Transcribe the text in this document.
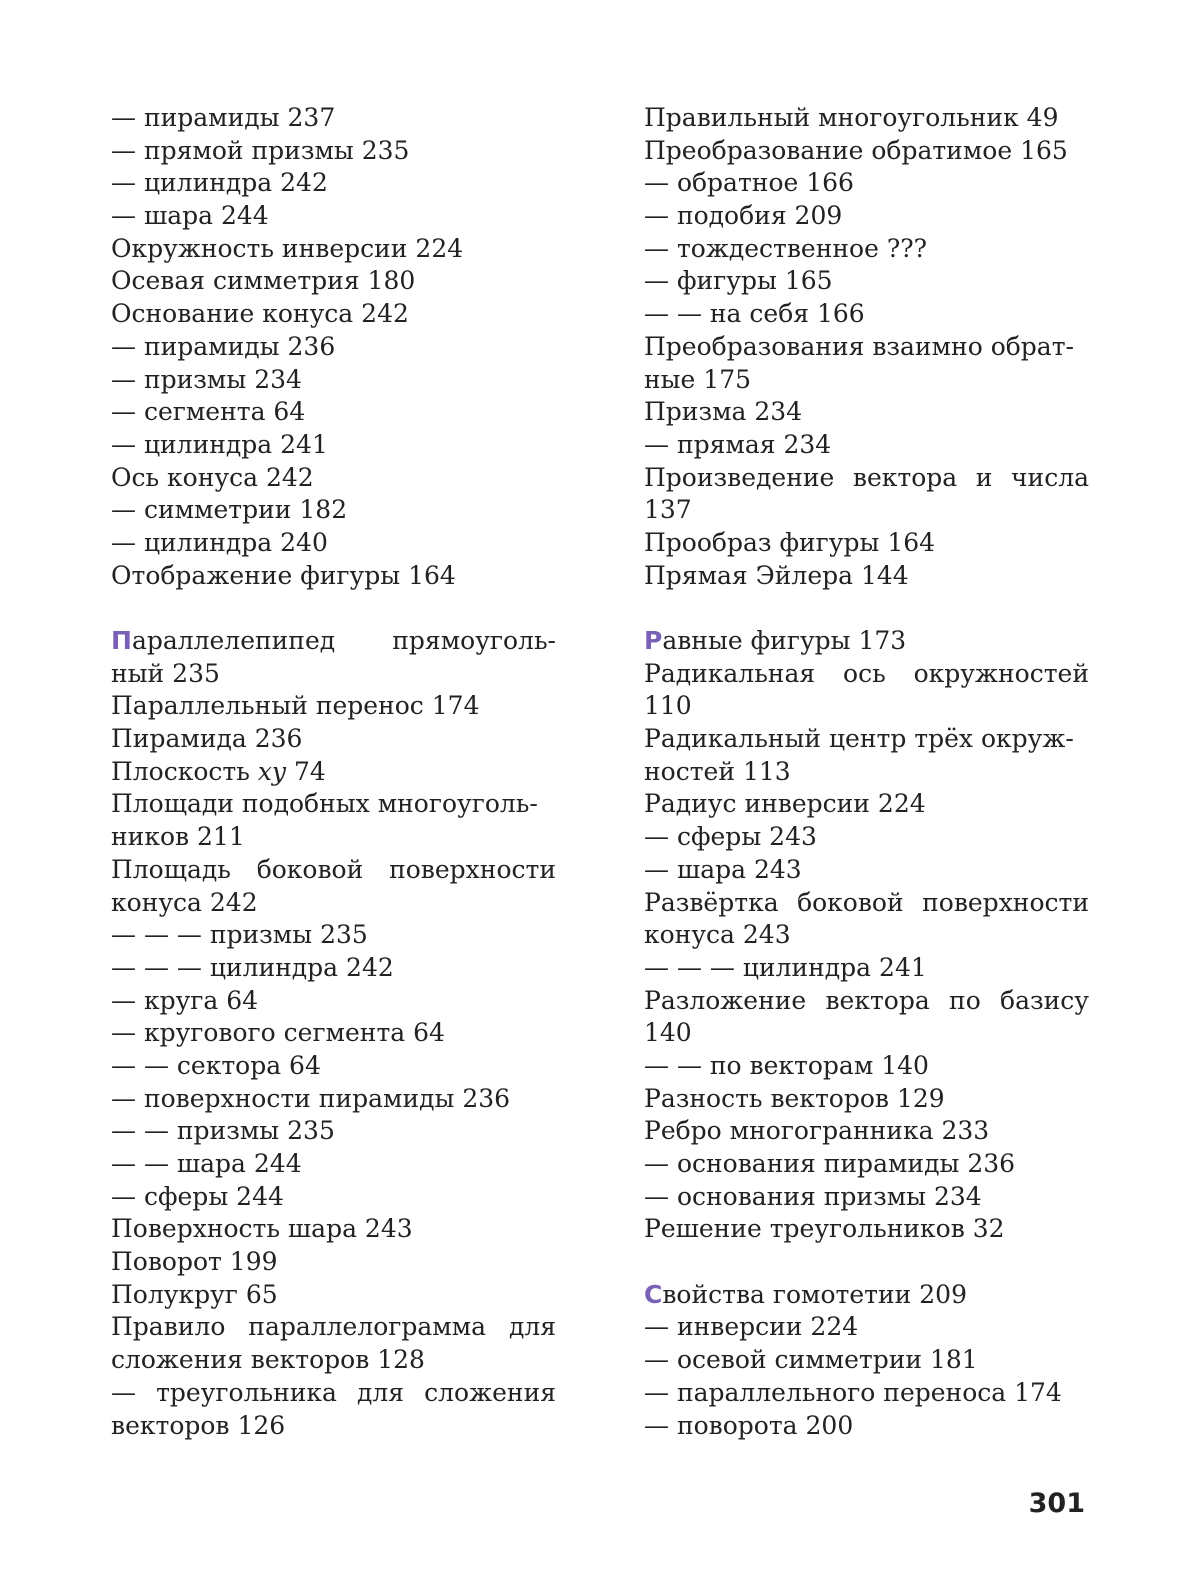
— пирамиды 237
— прямой призмы 235
— цилиндра 242
— шара 244
Окружность инверсии 224
Осевая симметрия 180
Основание конуса 242
— пирамиды 236
— призмы 234
— сегмента 64
— цилиндра 241
Ось конуса 242
— симметрии 182
— цилиндра 240
Отображение фигуры 164
Параллелепипед прямоуголь-
ный 235
Параллельный перенос 174
Пирамида 236
Плоскость xy 74
Площади подобных многоуголь-
ников 211
Площадь боковой поверхности
конуса 242
— — — призмы 235
— — — цилиндра 242
— круга 64
— кругового сегмента 64
— — сектора 64
— поверхности пирамиды 236
— — призмы 235
— — шара 244
— сферы 244
Поверхность шара 243
Поворот 199
Полукруг 65
Правило параллелограмма для
сложения векторов 128
— треугольника для сложения
векторов 126
Правильный многоугольник 49
Преобразование обратимое 165
— обратное 166
— подобия 209
— тождественное ???
— фигуры 165
— — на себя 166
Преобразования взаимно обрат-
ные 175
Призма 234
— прямая 234
Произведение вектора и числа
137
Прообраз фигуры 164
Прямая Эйлера 144
Равные фигуры 173
Радикальная ось окружностей
110
Радикальный центр трёх окруж-
ностей 113
Радиус инверсии 224
— сферы 243
— шара 243
Развёртка боковой поверхности
конуса 243
— — — цилиндра 241
Разложение вектора по базису
140
— — по векторам 140
Разность векторов 129
Ребро многогранника 233
— основания пирамиды 236
— основания призмы 234
Решение треугольников 32
Свойства гомотетии 209
— инверсии 224
— осевой симметрии 181
— параллельного переноса 174
— поворота 200
301
